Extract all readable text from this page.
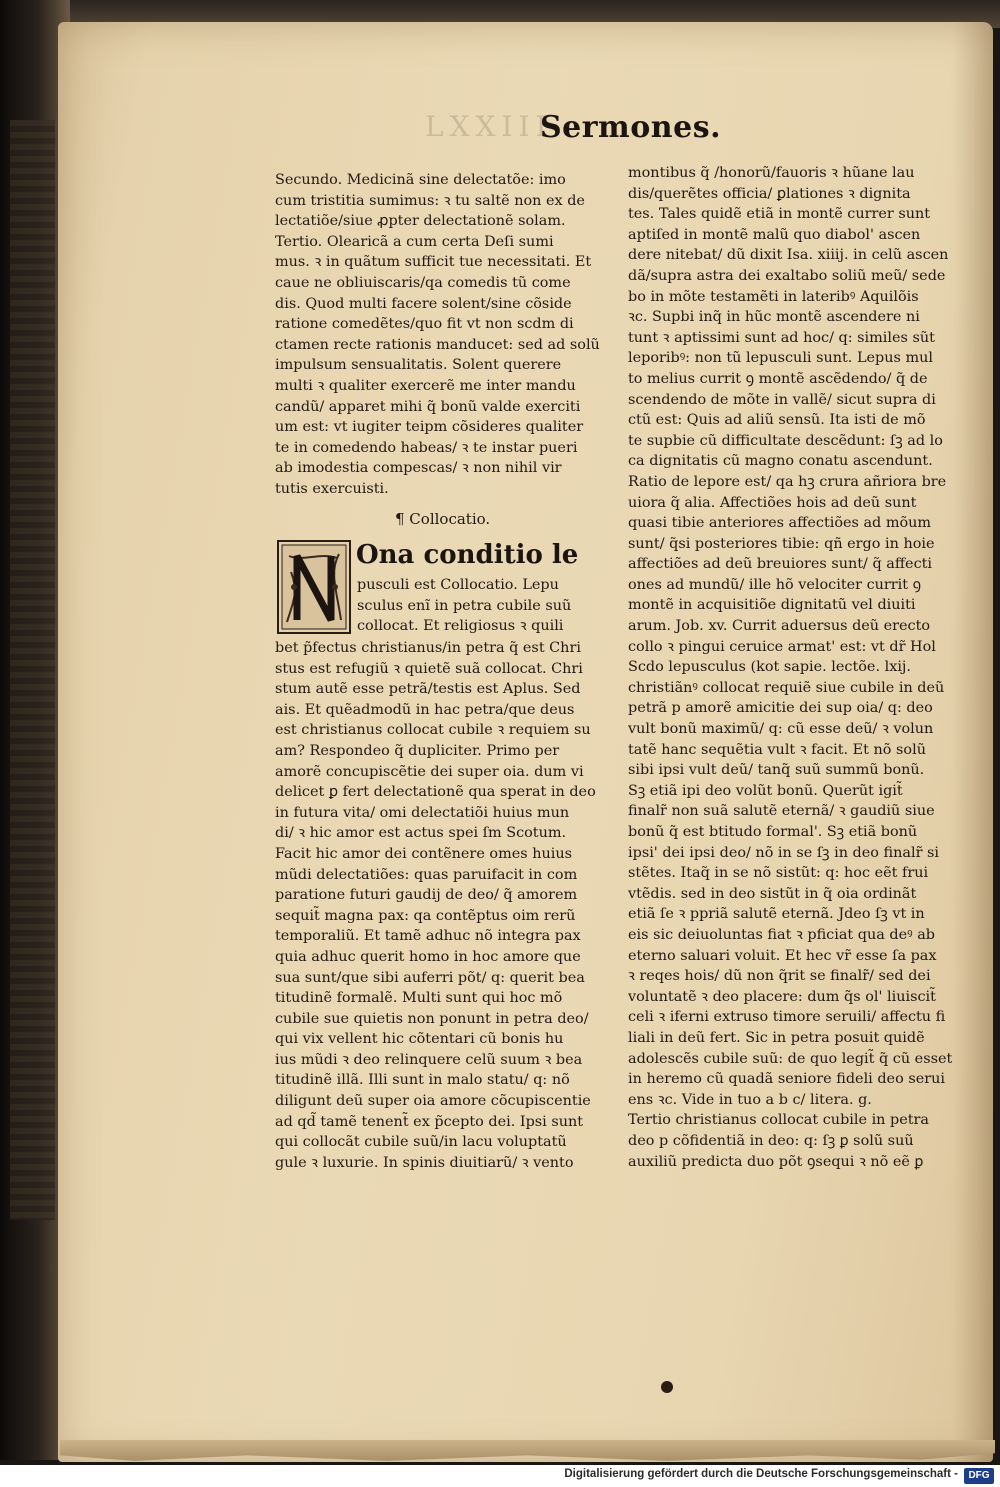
LXXIII
Sermones.
Secundo. Medicinã sine delectatõe: imo
cum tristitia sumimus: ꝛ tu saltẽ non ex de
lectatiõe/siue ꝓpter delectationẽ solam.
Tertio. Olearicã a cum certa Deſi sumi
mus. ꝛ in quãtum sufficit tue necessitati. Et
caue ne obliuiscaris/qa comedis tũ come
dis. Quod multi facere solent/sine cõside
ratione comedẽtes/quo fit vt non scdm di
ctamen recte rationis manducet: sed ad solũ
impulsum sensualitatis. Solent querere
multi ꝛ qualiter exercerẽ me inter mandu
candũ/ apparet mihi q̃ bonũ valde exerciti
um est: vt iugiter teipm cõsideres qualiter
te in comedendo habeas/ ꝛ te instar pueri
ab imodestia compescas/ ꝛ non nihil vir
tutis exercuisti.
¶ Collocatio.
N
Ona conditio le
pusculi est Collocatio. Lepu
sculus enĩ in petra cubile suũ
collocat. Et religiosus ꝛ quili
bet p̃fectus christianus/in petra q̃ est Chri
stus est refugiũ ꝛ quietẽ suã collocat. Chri
stum autẽ esse petrã/testis est Aplus. Sed
ais. Et quẽadmodũ in hac petra/que deus
est christianus collocat cubile ꝛ requiem su
am? Respondeo q̃ dupliciter. Primo per
amorẽ concupiscẽtie dei super oia. dum vi
delicet ꝑ fert delectationẽ qua sperat in deo
in futura vita/ omi delectatiõi huius mun
di/ ꝛ hic amor est actus spei ſm Scotum.
Facit hic amor dei contẽnere omes huius
mũdi delectatiões: quas paruifacit in com
paratione futuri gaudij de deo/ q̃ amorem
sequit̃ magna pax: qa contẽptus oim rerũ
temporaliũ. Et tamẽ adhuc nõ integra pax
quia adhuc querit homo in hoc amore que
sua sunt/que sibi auferri põt/ q: querit bea
titudinẽ formalẽ. Multi sunt qui hoc mõ
cubile sue quietis non ponunt in petra deo/
qui vix vellent hic cõtentari cũ bonis hu
ius mũdi ꝛ deo relinquere celũ suum ꝛ bea
titudinẽ illã. Illi sunt in malo statu/ q: nõ
diligunt deũ super oia amore cõcupiscentie
ad qd̃ tamẽ tenent̃ ex p̃cepto dei. Ipsi sunt
qui collocãt cubile suũ/in lacu voluptatũ
gule ꝛ luxurie. In spinis diuitiarũ/ ꝛ vento
montibus q̃ /honorũ/fauoris ꝛ hũane lau
dis/querẽtes officia/ ꝑlationes ꝛ dignita
tes. Tales quidẽ etiã in montẽ currer sunt
aptiſed in montẽ malũ quo diabol' ascen
dere nitebat/ dũ dixit Isa. xiiij. in celũ ascen
dã/supra astra dei exaltabo soliũ meũ/ sede
bo in mõte testamẽti in lateribꝰ Aquilõis
ꝛc. Supbi inq̃ in hũc montẽ ascendere ni
tunt ꝛ aptissimi sunt ad hoc/ q: similes sũt
leporibꝰ: non tũ lepusculi sunt. Lepus mul
to melius currit ꝯ montẽ ascẽdendo/ q̃ de
scendendo de mõte in vallẽ/ sicut supra di
ctũ est: Quis ad aliũ sensũ. Ita isti de mõ
te supbie cũ difficultate descẽdunt: ſꝫ ad lo
ca dignitatis cũ magno conatu ascendunt.
Ratio de lepore est/ qa hꝫ crura añriora bre
uiora q̃ alia. Affectiões hois ad deũ sunt
quasi tibie anteriores affectiões ad mõum
sunt/ q̃si posteriores tibie: qñ ergo in hoie
affectiões ad deũ breuiores sunt/ q̃ affecti
ones ad mundũ/ ille hõ velociter currit ꝯ
montẽ in acquisitiõe dignitatũ vel diuiti
arum. Job. xv. Currit aduersus deũ erecto
collo ꝛ pingui ceruice armat' est: vt dr̃ Hol
Scdo lepusculus (kot sapie. lectõe. lxij.
christiãnꝰ collocat requiẽ siue cubile in deũ
petrã p amorẽ amicitie dei sup oia/ q: deo
vult bonũ maximũ/ q: cũ esse deũ/ ꝛ volun
tatẽ hanc sequẽtia vult ꝛ facit. Et nõ solũ
sibi ipsi vult deũ/ tanq̃ suũ summũ bonũ.
Sꝫ etiã ipi deo volũt bonũ. Querũt igit̃
finalr̃ non suã salutẽ eternã/ ꝛ gaudiũ siue
bonũ q̃ est btitudo formal'. Sꝫ etiã bonũ
ipsi' dei ipsi deo/ nõ in se ſꝫ in deo finalr̃ si
stẽtes. Itaq̃ in se nõ sistũt: q: hoc eẽt frui
vtẽdis. sed in deo sistũt in q̃ oia ordinãt
etiã ſe ꝛ ppriã salutẽ eternã. Jdeo ſꝫ vt in
eis sic deiuoluntas fiat ꝛ pficiat qua deꝰ ab
eterno saluari voluit. Et hec vr̃ esse ſa pax
ꝛ reqes hois/ dũ non q̃rit se finalr̃/ sed dei
voluntatẽ ꝛ deo placere: dum q̃s ol' liuiscit̃
celi ꝛ iferni extruso timore seruili/ affectu fi
liali in deũ fert. Sic in petra posuit quidẽ
adolescẽs cubile suũ: de quo legit̃ q̃ cũ esset
in heremo cũ quadã seniore fideli deo serui
ens ꝛc. Vide in tuo a b c/ litera. g.
Tertio christianus collocat cubile in petra
deo p cõfidentiã in deo: q: ſꝫ ꝑ solũ suũ
auxiliũ predicta duo põt ꝯsequi ꝛ nõ eẽ ꝑ
Digitalisierung gefördert durch die Deutsche Forschungsgemeinschaft -	DFG
